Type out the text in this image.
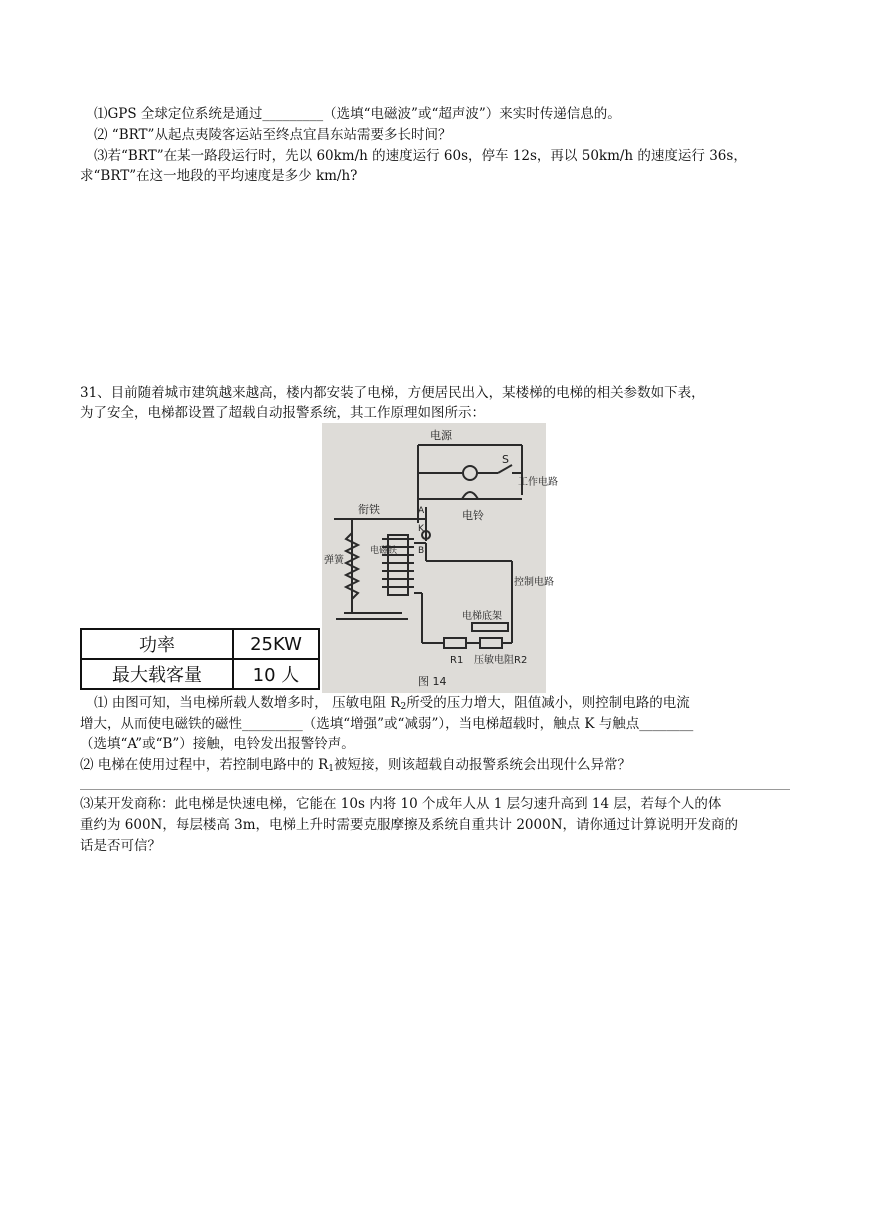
⑴GPS 全球定位系统是通过_________（选填“电磁波”或“超声波”）来实时传递信息的。
⑵ “BRT”从起点夷陵客运站至终点宜昌东站需要多长时间？
⑶若“BRT”在某一路段运行时，先以 60km/h 的速度运行 60s，停车 12s，再以 50km/h 的速度运行 36s，
求“BRT”在这一地段的平均速度是多少 km/h?
31、目前随着城市建筑越来越高，楼内都安装了电梯，方便居民出入，某楼梯的电梯的相关参数如下表，
为了安全，电梯都设置了超载自动报警系统，其工作原理如图所示：
电源
S
工作电路
衔铁	A
K
B
电铃
弹簧
电磁铁
控制电路
电梯底架
R1 压敏电阻R2
图 14
功率	25KW
最大载客量	10 人
⑴ 由图可知，当电梯所载人数增多时， 压敏电阻 $R_2$所受的压力增大，阻值减小，则控制电路的电流
增大，从而使电磁铁的磁性_________（选填“增强”或“减弱”），当电梯超载时，触点 K 与触点________
（选填“A”或“B”）接触，电铃发出报警铃声。
⑵ 电梯在使用过程中，若控制电路中的 $R_1$被短接，则该超载自动报警系统会出现什么异常？
⑶某开发商称：此电梯是快速电梯，它能在 10s 内将 10 个成年人从 1 层匀速升高到 14 层，若每个人的体
重约为 600N，每层楼高 3m，电梯上升时需要克服摩擦及系统自重共计 2000N，请你通过计算说明开发商的
话是否可信？
